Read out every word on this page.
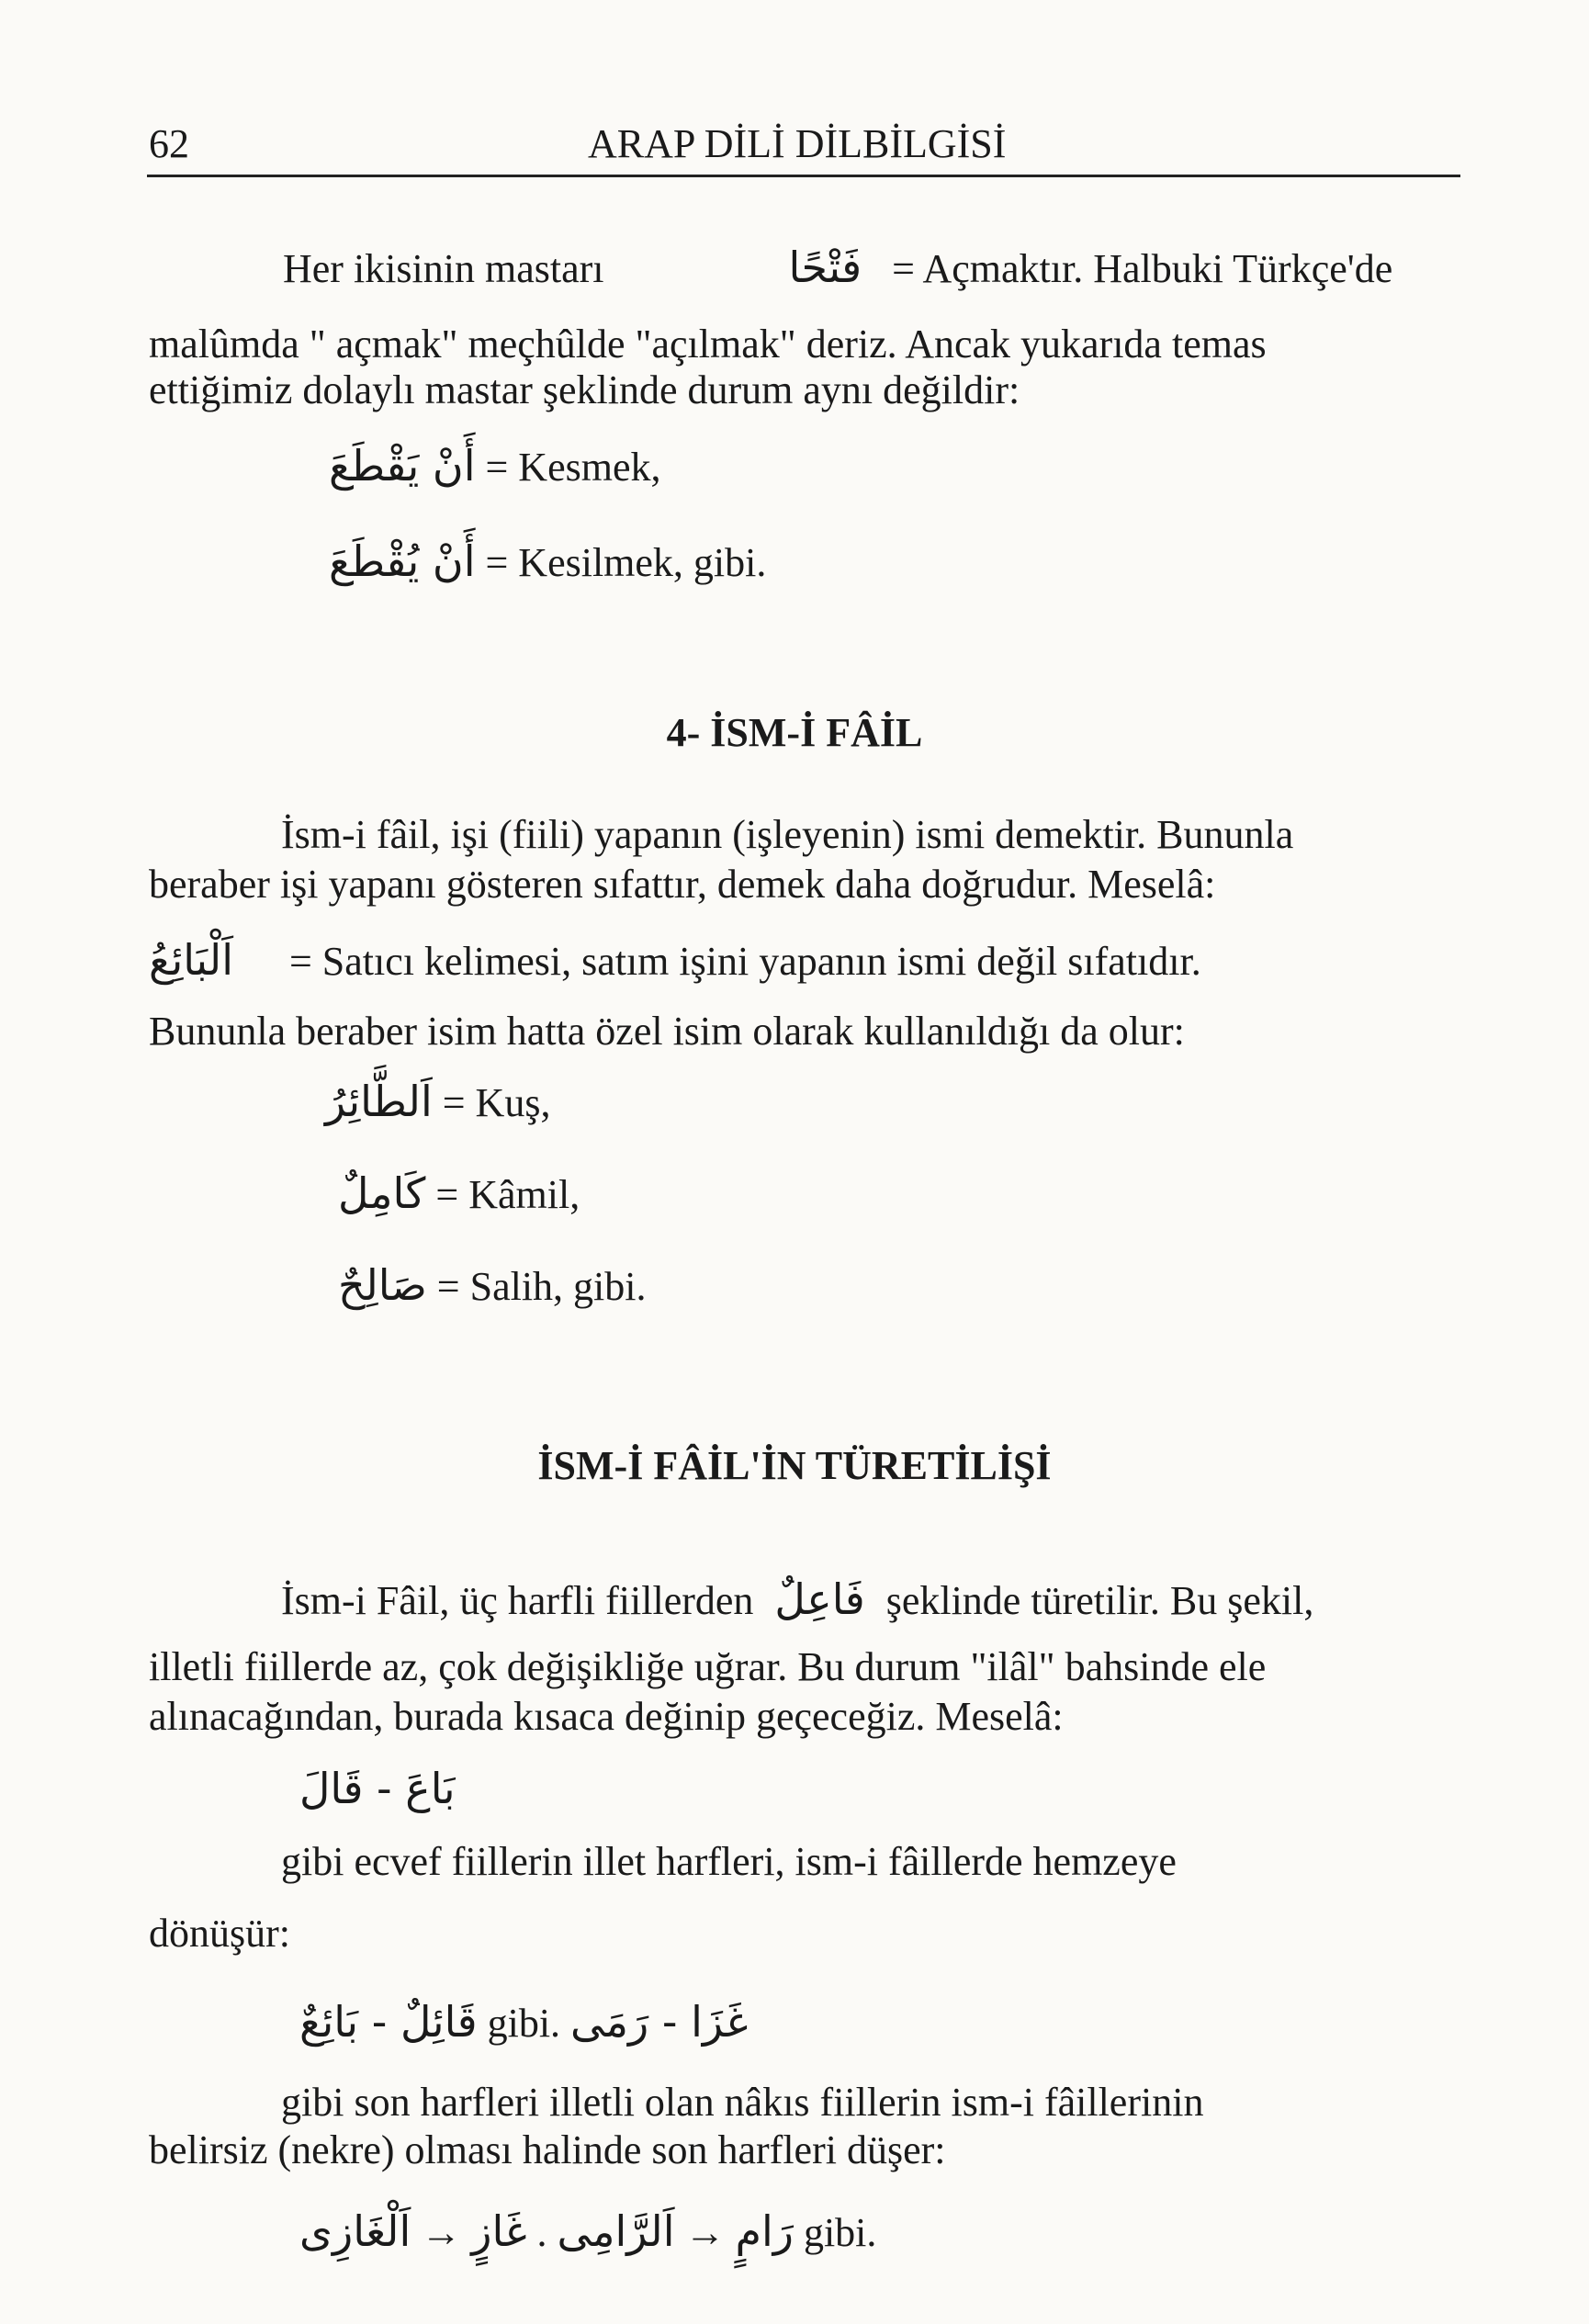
62	ARAP DİLİ DİLBİLGİSİ
Her ikisinin mastarı	فَتْحًا = Açmaktır. Halbuki Türkçe'de
malûmda " açmak" meçhûlde "açılmak" deriz. Ancak yukarıda temas
ettiğimiz dolaylı mastar şeklinde durum aynı değildir:
أَنْ يَقْطَعَ = Kesmek,
أَنْ يُقْطَعَ = Kesilmek, gibi.
4- İSM-İ FÂİL
İsm-i fâil, işi (fiili) yapanın (işleyenin) ismi demektir. Bununla
beraber işi yapanı gösteren sıfattır, demek daha doğrudur. Meselâ:
اَلْبَائِعُ = Satıcı kelimesi, satım işini yapanın ismi değil sıfatıdır.
Bununla beraber isim hatta özel isim olarak kullanıldığı da olur:
اَلطَّائِرُ = Kuş,
كَامِلٌ = Kâmil,
صَالِحٌ = Salih, gibi.
İSM-İ FÂİL'İN TÜRETİLİŞİ
İsm-i Fâil, üç harfli fiillerden فَاعِلٌ şeklinde türetilir. Bu şekil,
illetli fiillerde az, çok değişikliğe uğrar. Bu durum "ilâl" bahsinde ele
alınacağından, burada kısaca değinip geçeceğiz. Meselâ:
بَاعَ - قَالَ
gibi ecvef fiillerin illet harfleri, ism-i fâillerde hemzeye
dönüşür:
قَائِلٌ - بَائِعٌ gibi. غَزَا - رَمَى
gibi son harfleri illetli olan nâkıs fiillerin ism-i fâillerinin
belirsiz (nekre) olması halinde son harfleri düşer:
اَلْغَازِى → غَازٍ . اَلرَّامِى → رَامٍ gibi.
